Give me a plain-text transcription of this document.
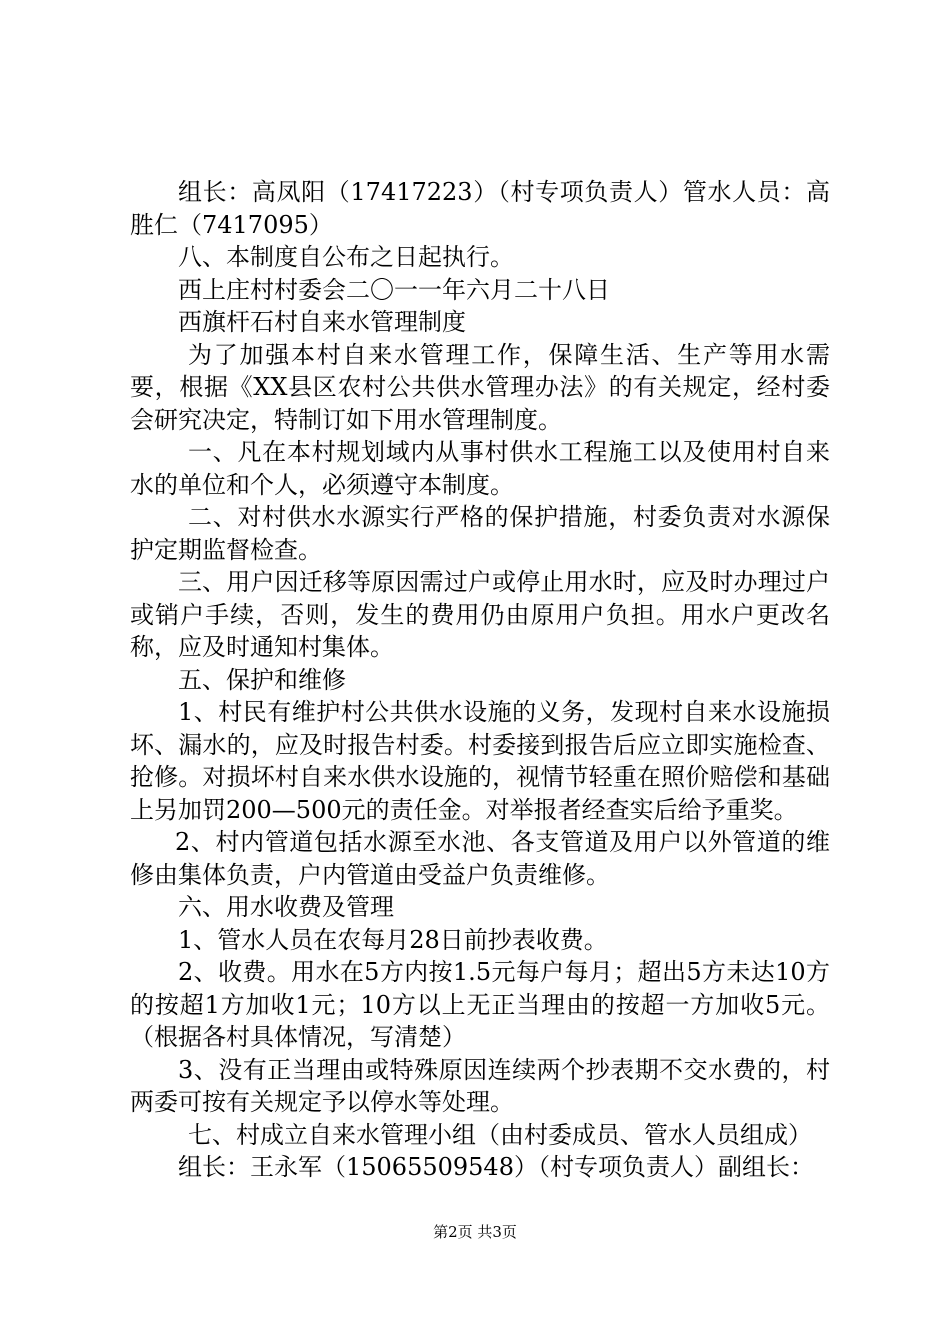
组长：高凤阳（17417223）（村专项负责人）管水人员：高胜仁（7417095）

八、本制度自公布之日起执行。

西上庄村村委会二〇一一年六月二十八日

西旗杆石村自来水管理制度

为了加强本村自来水管理工作，保障生活、生产等用水需要，根据《XX县区农村公共供水管理办法》的有关规定，经村委会研究决定，特制订如下用水管理制度。

一、凡在本村规划域内从事村供水工程施工以及使用村自来水的单位和个人，必须遵守本制度。

二、对村供水水源实行严格的保护措施，村委负责对水源保护定期监督检查。

三、用户因迁移等原因需过户或停止用水时，应及时办理过户或销户手续，否则，发生的费用仍由原用户负担。用水户更改名称，应及时通知村集体。

五、保护和维修

1、村民有维护村公共供水设施的义务，发现村自来水设施损坏、漏水的，应及时报告村委。村委接到报告后应立即实施检查、抢修。对损坏村自来水供水设施的，视情节轻重在照价赔偿和基础上另加罚200—500元的责任金。对举报者经查实后给予重奖。

2、村内管道包括水源至水池、各支管道及用户以外管道的维修由集体负责，户内管道由受益户负责维修。

六、用水收费及管理

1、管水人员在农每月28日前抄表收费。

2、收费。用水在5方内按1.5元每户每月；超出5方未达10方的按超1方加收1元；10方以上无正当理由的按超一方加收5元。（根据各村具体情况，写清楚）

3、没有正当理由或特殊原因连续两个抄表期不交水费的，村两委可按有关规定予以停水等处理。

七、村成立自来水管理小组（由村委成员、管水人员组成）

组长：王永军（15065509548）（村专项负责人）副组长：

第2页 共3页
